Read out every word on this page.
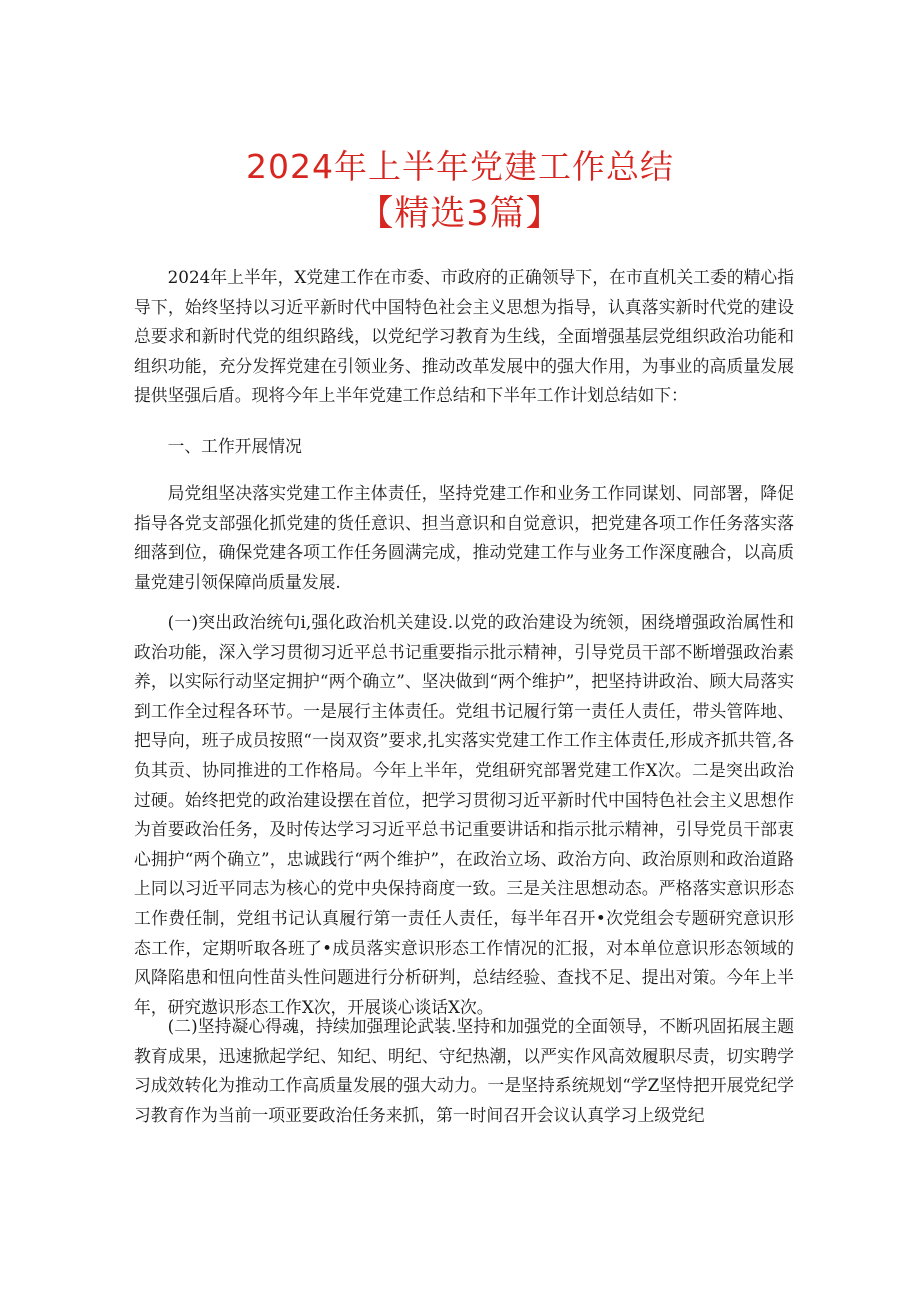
2024年上半年党建工作总结
【精选3篇】

2024年上半年，X党建工作在市委、市政府的正确领导下，在市直机关工委的精心指导下，始终坚持以习近平新时代中国特色社会主义思想为指导，认真落实新时代党的建设总要求和新时代党的组织路线，以党纪学习教育为生线，全面增强基层党组织政治功能和组织功能，充分发挥党建在引领业务、推动改革发展中的强大作用，为事业的高质量发展提供坚强后盾。现将今年上半年党建工作总结和下半年工作计划总结如下：

一、工作开展情况

局党组坚决落实党建工作主体责任，坚持党建工作和业务工作同谋划、同部署，降促指导各党支部强化抓党建的货任意识、担当意识和自觉意识，把党建各项工作任务落实落细落到位，确保党建各项工作任务圆满完成，推动党建工作与业务工作深度融合，以高质量党建引领保障尚质量发展.

(一)突出政治统句i,强化政治机关建设.以党的政治建设为统领，困绕增强政治属性和政治功能，深入学习贯彻习近平总书记重要指示批示精神，引导党员干部不断增强政治素养，以实际行动坚定拥护“两个确立”、坚决做到“两个维护”，把坚持讲政治、顾大局落实到工作全过程各环节。一是展行主体责任。党组书记履行第一责任人责任，带头管阵地、把导向，班子成员按照“一岗双资”要求,扎实落实党建工作工作主体责任,形成齐抓共管,各负其贡、协同推进的工作格局。今年上半年，党组研究部署党建工作X次。二是突出政治过硬。始终把党的政治建设摆在首位，把学习贯彻习近平新时代中国特色社会主义思想作为首要政治任务，及时传达学习习近平总书记重要讲话和指示批示精神，引导党员干部衷心拥护“两个确立”，忠诚践行“两个维护”，在政治立场、政治方向、政治原则和政治道路上同以习近平同志为核心的党中央保持商度一致。三是关注思想动态。严格落实意识形态工作费任制，党组书记认真履行第一责任人责任，每半年召开•次党组会专题研究意识形态工作，定期听取各班了•成员落实意识形态工作情况的汇报，对本单位意识形态领域的风降陷患和忸向性苗头性问题进行分析研判，总结经验、查找不足、提出对策。今年上半年，研究遨识形态工作X次，开展谈心谈话X次。

(二)坚持凝心得魂，持续加强理论武装.坚持和加强党的全面领导，不断巩固拓展主题教育成果，迅速掀起学纪、知纪、明纪、守纪热潮，以严实作风高效履职尽责，切实聘学习成效转化为推动工作高质量发展的强大动力。一是坚持系统规划“学Z坚恃把开展党纪学习教育作为当前一项亚要政治任务来抓，第一时间召开会议认真学习上级党纪
